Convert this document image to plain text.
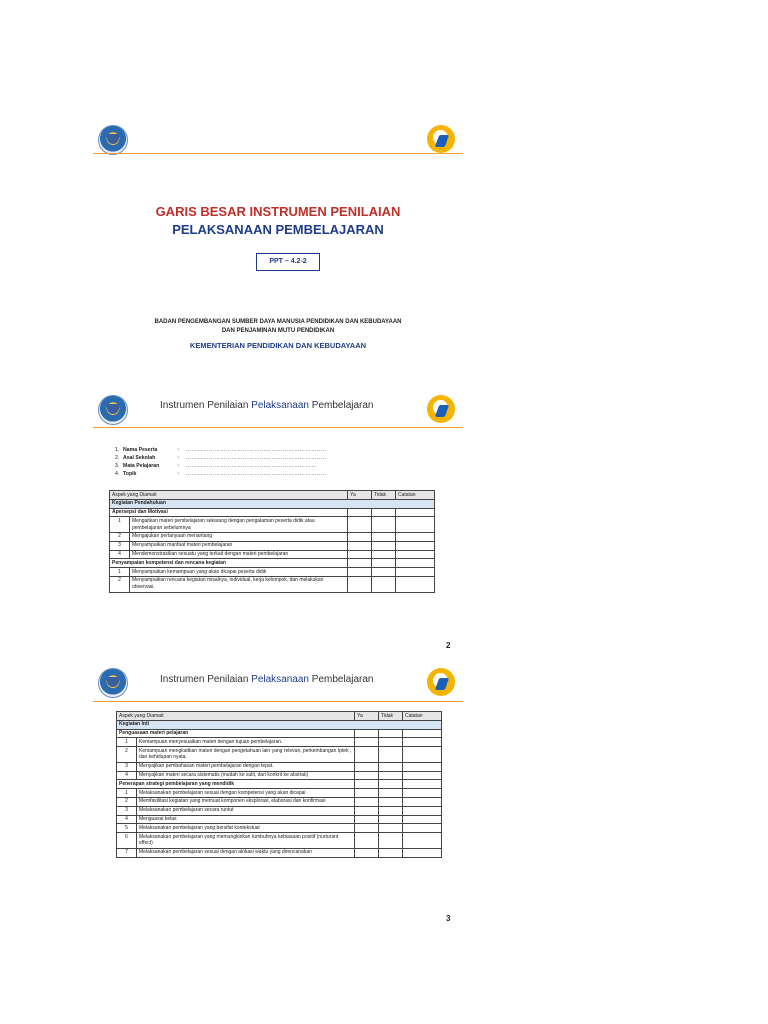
GARIS BESAR INSTRUMEN PENILAIAN
PELAKSANAAN PEMBELAJARAN
PPT – 4.2-2
BADAN PENGEMBANGAN SUMBER DAYA MANUSIA PENDIDIKAN DAN KEBUDAYAAN
DAN PENJAMINAN MUTU PENDIDIKAN
KEMENTERIAN PENDIDIKAN DAN KEBUDAYAAN
Instrumen Penilaian Pelaksanaan Pembelajaran
1. Nama Peserta	:	………………………………………………………………..
2. Asal Sekolah	:	………………………………………………………………..
3. Mata Pelajaran	:	……………………………………………………………
4. Topik	:	………………………………………………………………..
Aspek yang Diamati		Ya	Tidak	Catatan
Kegiatan Pendahuluan				
Apersepsi dan Motivasi				
1	Mengaitkan materi pembelajaran sekarang dengan pengalaman peserta didik atau pembelajaran sebelumnya			
2	Mengajukan pertanyaan menantang			
3	Menyampaikan manfaat materi pembelajaran			
4	Mendemonstrasikan sesuatu yang terkait dengan materi pembelajaran			
Penyampaian kompetensi dan rencana kegiatan				
1	Menyampaikan kemampuan yang akan dicapai peserta didik			
2	Menyampaikan rencana kegiatan misalnya, individual, kerja kelompok, dan melakukan observasi.			
2
Instrumen Penilaian Pelaksanaan Pembelajaran
Aspek yang Diamati		Ya	Tidak	Catatan
Kegiatan Inti				
Penguasaan materi pelajaran				
1	Kemampuan menyesuaikan materi dengan tujuan pembelajaran.			
2	Kemampuan mengkaitkan materi dengan pengetahuan lain yang relevan, perkembangan Iptek , dan kehidupan nyata.			
3	Menyajikan pembahasan materi pembelajaran dengan tepat.			
4	Menyajikan materi secara sistematis (mudah ke sulit, dari konkrit ke abstrak)			
Penerapan strategi pembelajaran yang mendidik				
1	Melaksanakan pembelajaran sesuai dengan kompetensi yang akan dicapai			
2	Memfasilitasi kegiatan yang memuat komponen eksplorasi, elaborasi dan konfirmasi			
3	Melaksanakan pembelajaran secara runtut			
4	Menguasai kelas			
5	Melaksanakan pembelajaran yang bersifat kontekstual			
6	Melaksanakan pembelajaran yang memungkinkan tumbuhnya kebiasaan positif (nurturant effect)			
7	Melaksanakan pembelajaran sesuai dengan alokasi waktu yang direncanakan			
3
